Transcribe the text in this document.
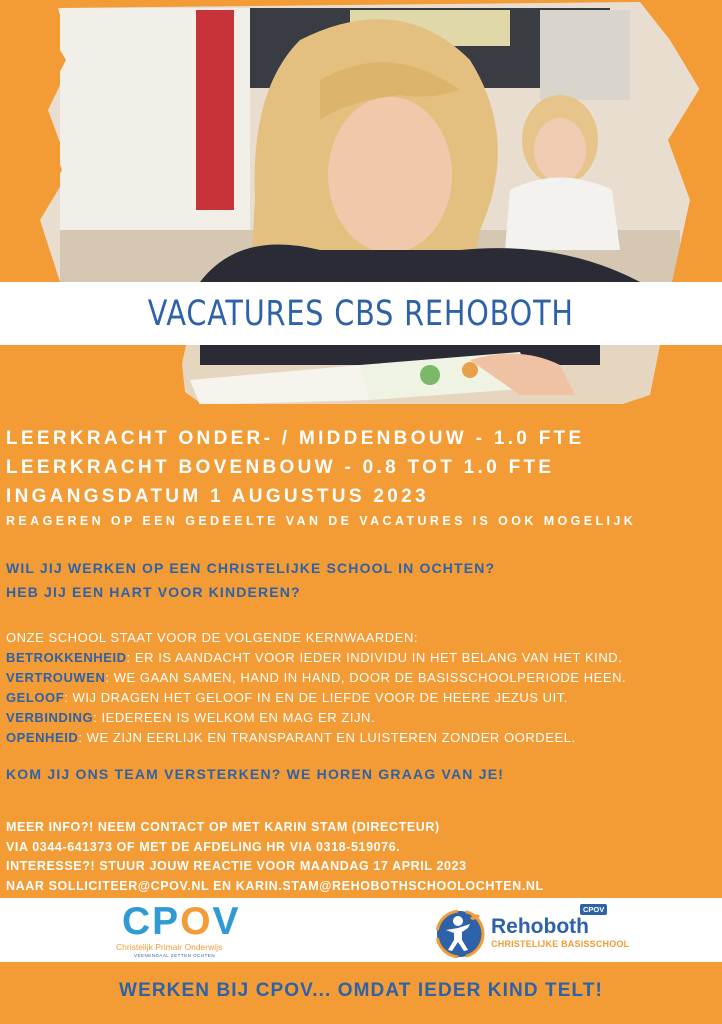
VACATURES CBS REHOBOTH
LEERKRACHT ONDER- / MIDDENBOUW - 1.0 FTE
LEERKRACHT BOVENBOUW - 0.8 TOT 1.0 FTE
INGANGSDATUM 1 AUGUSTUS 2023
REAGEREN OP EEN GEDEELTE VAN DE VACATURES IS OOK MOGELIJK
WIL JIJ WERKEN OP EEN CHRISTELIJKE SCHOOL IN OCHTEN?
HEB JIJ EEN HART VOOR KINDEREN?
ONZE SCHOOL STAAT VOOR DE VOLGENDE KERNWAARDEN:
BETROKKENHEID: ER IS AANDACHT VOOR IEDER INDIVIDU IN HET BELANG VAN HET KIND.
VERTROUWEN: WE GAAN SAMEN, HAND IN HAND, DOOR DE BASISSCHOOLPERIODE HEEN.
GELOOF: WIJ DRAGEN HET GELOOF IN EN DE LIEFDE VOOR DE HEERE JEZUS UIT.
VERBINDING: IEDEREEN IS WELKOM EN MAG ER ZIJN.
OPENHEID: WE ZIJN EERLIJK EN TRANSPARANT EN LUISTEREN ZONDER OORDEEL.
KOM JIJ ONS TEAM VERSTERKEN? WE HOREN GRAAG VAN JE!
MEER INFO?! NEEM CONTACT OP MET KARIN STAM (DIRECTEUR)
VIA 0344-641373 OF MET DE AFDELING HR VIA 0318-519076.
INTERESSE?! STUUR JOUW REACTIE VOOR MAANDAG 17 APRIL 2023
NAAR SOLLICITEER@CPOV.NL EN KARIN.STAM@REHOBOTHSCHOOLOCHTEN.NL
CPOV
Christelijk Primair Onderwijs
VEENENDAAL ZETTEN OCHTEN
Rehoboth
CHRISTELIJKE BASISSCHOOL
CPOV
WERKEN BIJ CPOV... OMDAT IEDER KIND TELT!
